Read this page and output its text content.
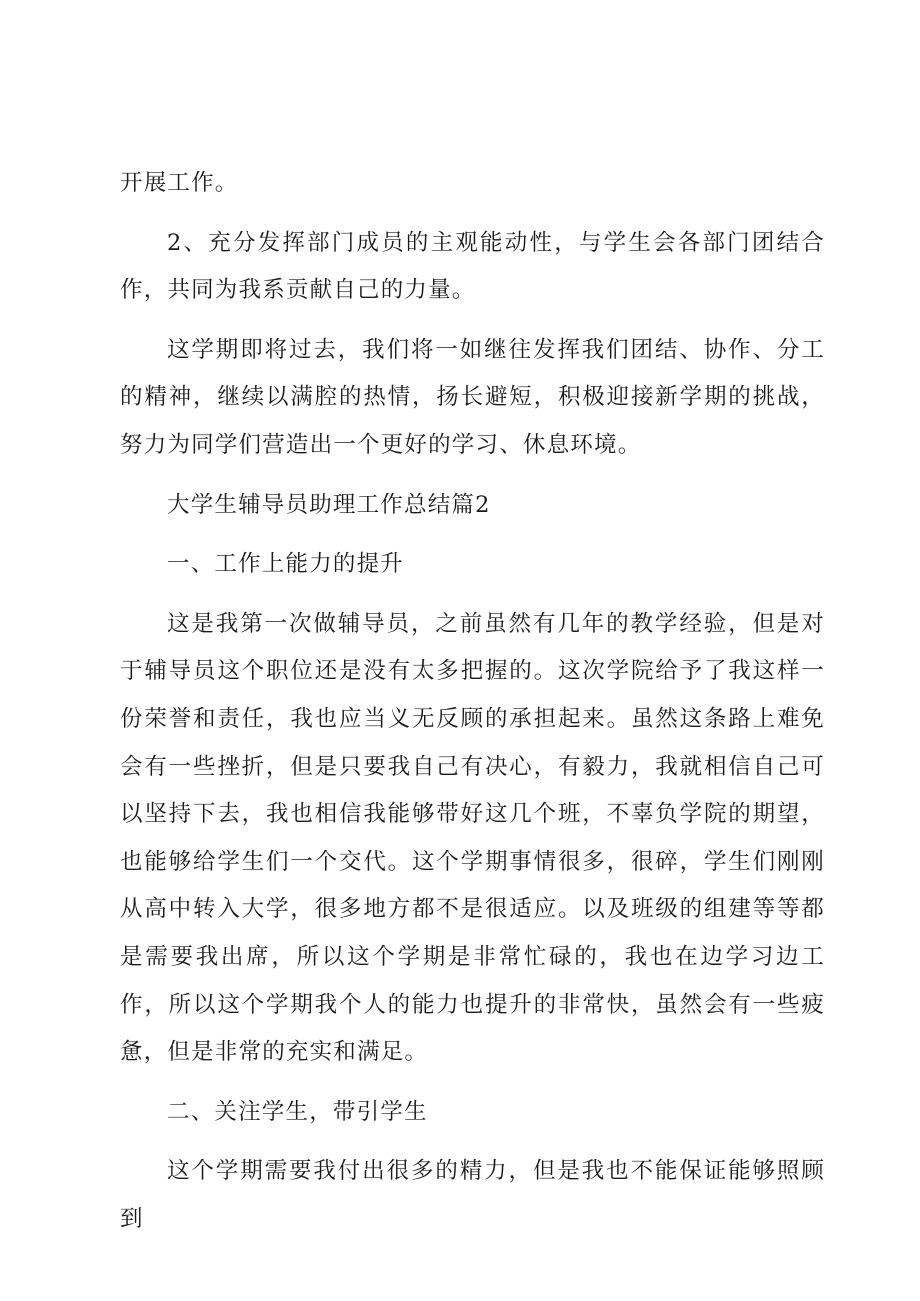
开展工作。

2、充分发挥部门成员的主观能动性，与学生会各部门团结合作，共同为我系贡献自己的力量。

这学期即将过去，我们将一如继往发挥我们团结、协作、分工的精神，继续以满腔的热情，扬长避短，积极迎接新学期的挑战，努力为同学们营造出一个更好的学习、休息环境。

大学生辅导员助理工作总结篇2

一、工作上能力的提升

这是我第一次做辅导员，之前虽然有几年的教学经验，但是对于辅导员这个职位还是没有太多把握的。这次学院给予了我这样一份荣誉和责任，我也应当义无反顾的承担起来。虽然这条路上难免会有一些挫折，但是只要我自己有决心，有毅力，我就相信自己可以坚持下去，我也相信我能够带好这几个班，不辜负学院的期望，也能够给学生们一个交代。这个学期事情很多，很碎，学生们刚刚从高中转入大学，很多地方都不是很适应。以及班级的组建等等都是需要我出席，所以这个学期是非常忙碌的，我也在边学习边工作，所以这个学期我个人的能力也提升的非常快，虽然会有一些疲惫，但是非常的充实和满足。

二、关注学生，带引学生

这个学期需要我付出很多的精力，但是我也不能保证能够照顾到
